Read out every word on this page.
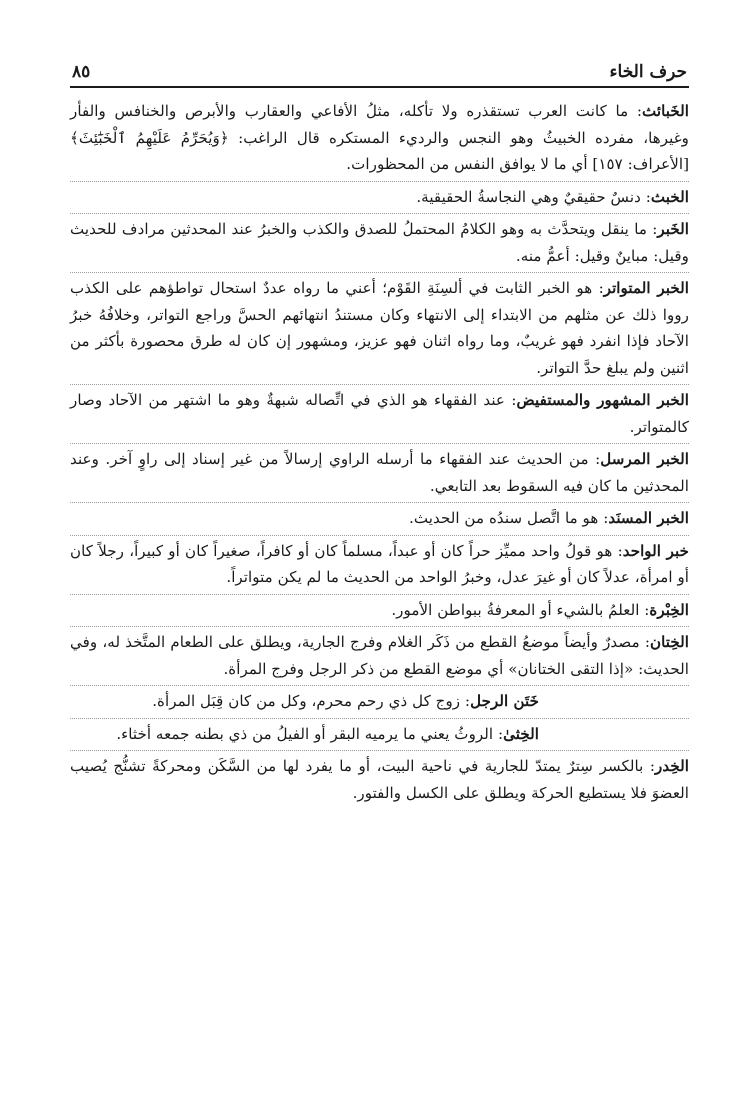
حرف الخاء
٨٥
الخَبائث: ما كانت العرب تستقذره ولا تأكله، مثلُ الأفاعي والعقارب والأبرص والخنافس والفأر وغيرها، مفرده الخبيثُ وهو النجس والرديء المستكره قال الراغب: ﴿وَيُحَرِّمُ عَلَيْهِمُ ٱلْخَبَٰٓئِثَ﴾ [الأعراف: ١٥٧] أي ما لا يوافق النفس من المحظورات.
الخبث: دنسٌ حقيقيٌ وهي النجاسةُ الحقيقية.
الخَبر: ما ينقل ويتحدَّث به وهو الكلامُ المحتملُ للصدق والكذب والخبرُ عند المحدثين مرادف للحديث وقيل: مباينٌ وقيل: أعمُّ منه.
الخبر المتواتر: هو الخبر الثابت في ألسِنَةِ القَوْم؛ أعني ما رواه عددٌ استحال تواطؤهم على الكذب رووا ذلك عن مثلهم من الابتداء إلى الانتهاء وكان مستندُ انتهائهم الحسَّ وراجع التواتر، وخلافُهُ خبرُ الآحاد فإذا انفرد فهو غريبٌ، وما رواه اثنان فهو عزيز، ومشهور إن كان له طرق محصورة بأكثر من اثنين ولم يبلغ حدَّ التواتر.
الخبر المشهور والمستفيض: عند الفقهاء هو الذي في اتِّصاله شبهةٌ وهو ما اشتهر من الآحاد وصار كالمتواتر.
الخبر المرسل: من الحديث عند الفقهاء ما أرسله الراوي إرسالاً من غير إسناد إلى راوٍ آخر. وعند المحدثين ما كان فيه السقوط بعد التابعي.
الخبر المسنَد: هو ما اتَّصل سندُه من الحديث.
خبر الواحد: هو قولُ واحد مميِّز حراً كان أو عبداً، مسلماً كان أو كافراً، صغيراً كان أو كبيراً، رجلاً كان أو امرأة، عدلاً كان أو غيرَ عدل، وخبرُ الواحد من الحديث ما لم يكن متواتراً.
الخِبْرة: العلمُ بالشيء أو المعرفةُ ببواطن الأمور.
الخِتان: مصدرٌ وأيضاً موضعُ القطع من ذَكَر الغلام وفرج الجارية، ويطلق على الطعام المتَّخذ له، وفي الحديث: «إذا التقى الختانان» أي موضع القطع من ذكر الرجل وفرج المرأة.
خَتَن الرجل: زوج كل ذي رحم محرم، وكل من كان قِبَل المرأة.
الخِثىٰ: الروثُ يعني ما يرميه البقر أو الفيلُ من ذي بطنه جمعه أخثاء.
الخِدر: بالكسر سِترٌ يمتدّ للجارية في ناحية البيت، أو ما يفرد لها من السَّكَن ومحركةً تشنُّج يُصيب العضوَ فلا يستطيع الحركة ويطلق على الكسل والفتور.
